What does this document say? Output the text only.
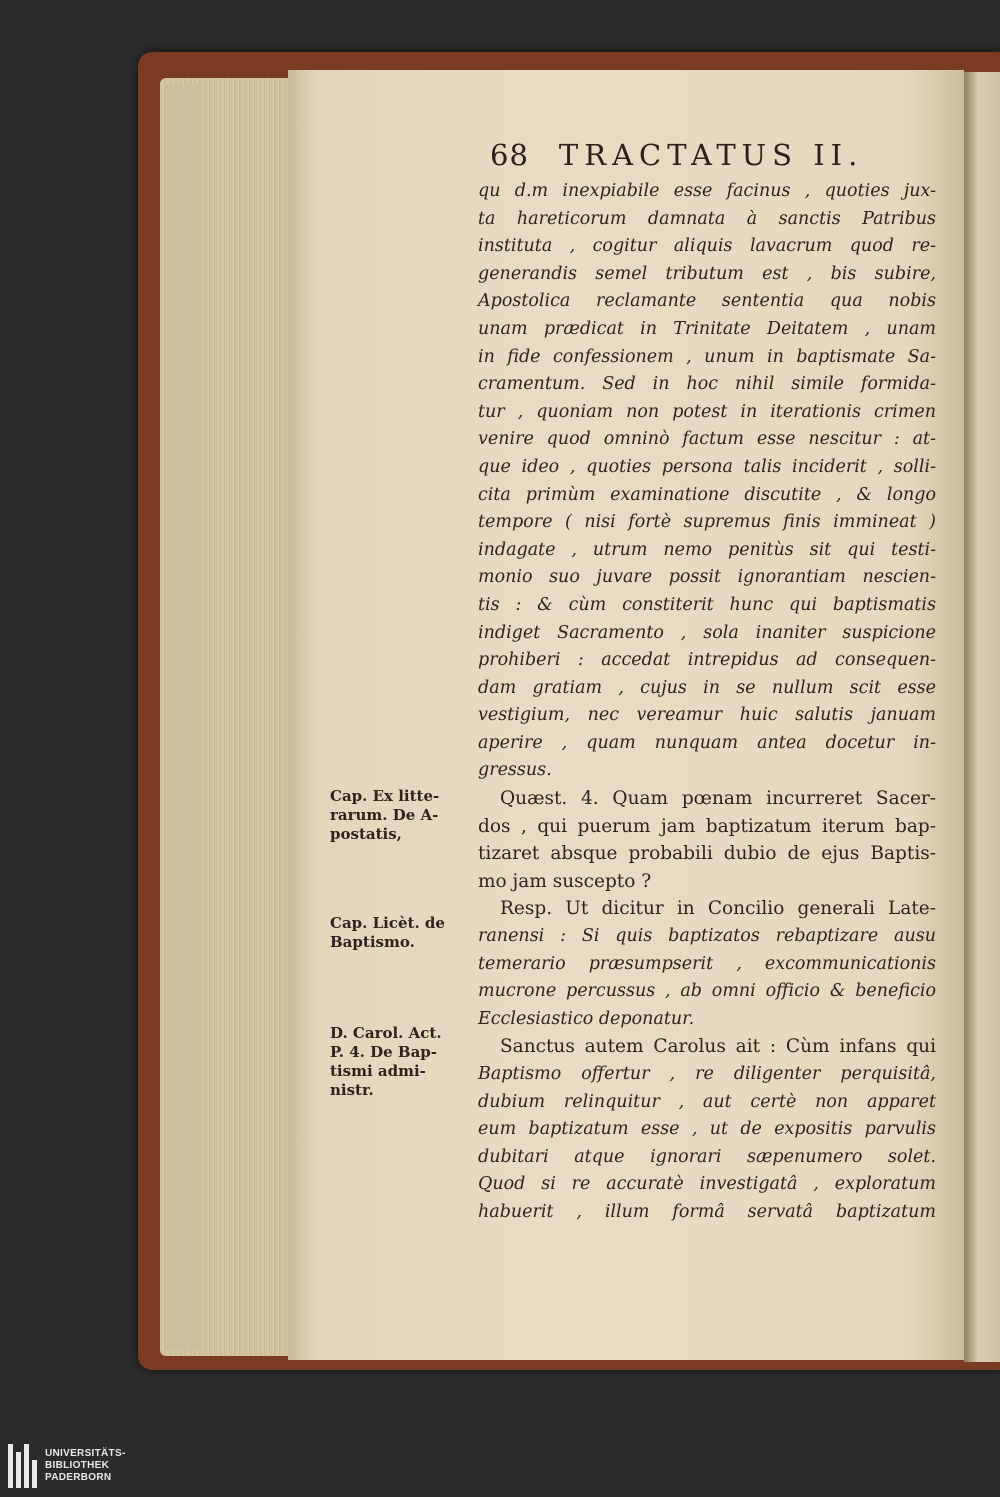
68 TRACTATUS II.
qu d.m inexpiabile esse facinus , quoties jux-
ta hareticorum damnata à sanctis Patribus
instituta , cogitur aliquis lavacrum quod re-
generandis semel tributum est , bis subire,
Apostolica reclamante sententia qua nobis
unam prædicat in Trinitate Deitatem , unam
in fide confessionem , unum in baptismate Sa-
cramentum. Sed in hoc nihil simile formida-
tur , quoniam non potest in iterationis crimen
venire quod omninò factum esse nescitur : at-
que ideo , quoties persona talis inciderit , solli-
cita primùm examinatione discutite , & longo
tempore ( nisi fortè supremus finis immineat )
indagate , utrum nemo penitùs sit qui testi-
monio suo juvare possit ignorantiam nescien-
tis : & cùm constiterit hunc qui baptismatis
indiget Sacramento , sola inaniter suspicione
prohiberi : accedat intrepidus ad consequen-
dam gratiam , cujus in se nullum scit esse
vestigium, nec vereamur huic salutis januam
aperire , quam nunquam antea docetur in-
gressus.
Quæst. 4. Quam pœnam incurreret Sacer-
dos , qui puerum jam baptizatum iterum bap-
tizaret absque probabili dubio de ejus Baptis-
mo jam suscepto ?
Resp. Ut dicitur in Concilio generali Late-
ranensi : Si quis baptizatos rebaptizare ausu
temerario præsumpserit , excommunicationis
mucrone percussus , ab omni officio & beneficio
Ecclesiastico deponatur.
Sanctus autem Carolus ait : Cùm infans qui
Baptismo offertur , re diligenter perquisitâ,
dubium relinquitur , aut certè non apparet
eum baptizatum esse , ut de expositis parvulis
dubitari atque ignorari sæpenumero solet.
Quod si re accuratè investigatâ , exploratum
habuerit , illum formâ servatâ baptizatum
Cap. Ex litte-
rarum. De A-
postatis,
Cap. Licèt. de
Baptismo.
D. Carol. Act.
P. 4. De Bap-
tismi admi-
nistr.
UNIVERSITÄTS-
BIBLIOTHEK
PADERBORN
